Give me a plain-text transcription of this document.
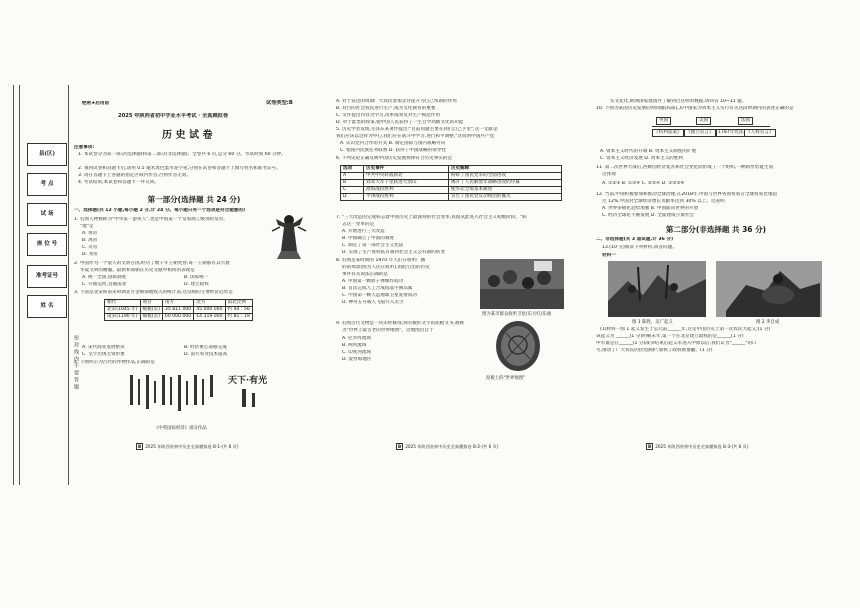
县(区)
考 点
试 场
座 位 号
准考证号
姓 名
密封线内不要答题
绝密★启用前	试卷类型:B
2025 年陕西省初中学业水平考试 · 全真模拟卷
历 史 试 卷
注意事项:
1. 本试卷分为第一部分(选择题)和第二部分(非选择题)。全卷共 6 页,总分 60 分。考试时间 60 分钟。
2. 领到试卷和答题卡后,请用 0.5 毫米黑色墨水签字笔,分别在试卷和答题卡上填写姓名和准考证号。
3. 请在答题卡上各题的指定区域内作答,否则作答无效。
4. 考试结束,本试卷和答题卡一并交回。
第一部分(选择题 共 24 分)
一、选择题(共 12 小题,每小题 2 分,计 24 分。每小题只有一个选项是符合题意的)
1. 右图人物被称为"中华第一游侠人",也是中国第一个皇家画工级别的皇帝,
"他"是
A. 黄帝
B. 禹帝
C. 炎帝
D. 尧帝
2. 中国作为一个很久的文明古国,经历了数千年王朝更替,每一王朝都有其兴衰
华夏文明的精髓。最新和商朝在历史文献中相同的表现是
A. 统一全国,创新制度	B. 国家统一
C. 开通运河,贯通南北	D. 建立政权
3. 下面是北宋和南宋时期北方金朝领地收入的统计表,这反映的主要经济趋势是
朝代	项目	南方	北方	南北比例
北宋(1045 年)	赋税(贯)	35 811 000	45 000 000	约 44 : 56
南宋(1190 年)	赋税(贯)	60 000 000	14 319 000	约 81 : 19
A. 宋代商业发展繁荣	B. 经济重心南移完成
C. 文字出现无资形象	D. 南方农业技术提高
4. 下图所示为古代的作物作品,正确的是
天下·有光
《中英国际经济》部分作品
B 2025 年陕西省初中历史全真模拟卷 B-1-(共 6 页)
A. 对于发达的周期广大农民参加支付提升为自己帮助的作用
B. 对目的社会农民进行生产,成为文化教育的重要
C. 文件提出内容为学习,改革成果反对生产模范作用
D. 对于此类的政策,使中国人民获得了一生自学高级文化的功能
5. 历史学者发现,毛泽东某著作提出:"目前问题主要在我们自己手里",这一文献是
我们应该以这样为中心,我们应在战斗中学习,进行和平调整,"这说明中国共产党
A. 认识党内合作的方式 B. 制定国际与国内战略方向
C. 使国内民族任务联系 D. 获得了中国战略的领导性
6. 下列史论正确反映中国历史发展规律符合历史事实的是
选项	历史事件	历史解释
A	中共中央转战陕北	粉碎了国民党军的全面进攻
B	刘邓大军千里跃进大别山	揭开了人民解放军战略进攻的序幕
C	淮海战役胜利	使华北全境基本解放
D	平津战役胜利	宣告了国民党反动统治的覆灭
7. "三大改造的完成标志着中国历史上最深刻的社会变革,我国从此进入社会主义初级阶段。"标
志这一变革的是
A. 开始进行三大改造
B. 中国确立了中国的制度
C. 制定了第一部社会主义宪法
D. 实现了生产资料私有制到社会主义公有制的转变
8. 右图是某时期的 1970 年人们在收听广播
的的场景(图为人民在收听),由此引出的历史
事件有关说法正确的是
A. 中国第一颗原子弹爆炸成功
B. 首次完成人工合成结晶牛胰岛素
C. 中国第一颗人造地球卫星发射成功
D. 神舟五号载人飞船升入太空
图为某市群众收听卫星(东方红)乐曲
9. 右图古代文物是一块未经修饰,刻有楔形文字的泥板文书,被称
为"世界上最古老的世界地图"。这地图出自于
A. 尼罗河流域
B. 两河流域
C. 印度河流域
D. 爱琴海地区
泥板上的"世界地图"
B 2025 年陕西省初中历史全真模拟卷 B-2-(共 6 页)
实文化化,欧洲国家建国并了解到过这样的数据,请回答 10~11 题。
10. 下图为某国历史发展的时间轴(局部),其中国家为资本主义实行有关这段时期内的表述正确的是
英国	美国	法国
《权利法案》 《独立宣言》 1787年宪法 《人权宣言》
A. 资本主义时代的开端 B. 资本主义制度的扩展
C. 资本主义经济发展 D. 资本主义的胜利
11. 第二次世界大战后,西欧因经济复苏和社会变化而形成了一个组织,一种新形势诞生而
这体现
A. ①②③ B. ①③④ C. ②③④ D. ①②③④
12. 当前,中国积极参加和推动全球治理,在2018年,中国与世界各国贸易占全球贸易比重超
过 12%,中国对全球经济增长贡献率达到 30% 以上。这表明
A. 世界多极化趋势加强 B. 中国面向世界的开放
C. 经济全球化不断发展 D. 全面建成小康社会
第二部分(非选择题 共 36 分)
二、非选择题(共 3 道试题,计 36 分)
13.(10 分)阅读下列材料,回答问题。
材料一
图 1 陈胜、吴广起义	图 2 李自成
(1)材料一图 1 起义发生于公元前______年,这是中国历史上第一次农民大起义;(1 分)
该起义为 ______(1 分)明朝末年,第一个在北京建立政权的是______(1 分)
中有谁是在______(1 分)战争结束后起义军进入中原以后,我们认为"______"的口
号,推动了广大农民的热烈拥护,加快了政权被推翻。(1 分)
B 2025 年陕西省初中历史全真模拟卷 B-3-(共 6 页)
